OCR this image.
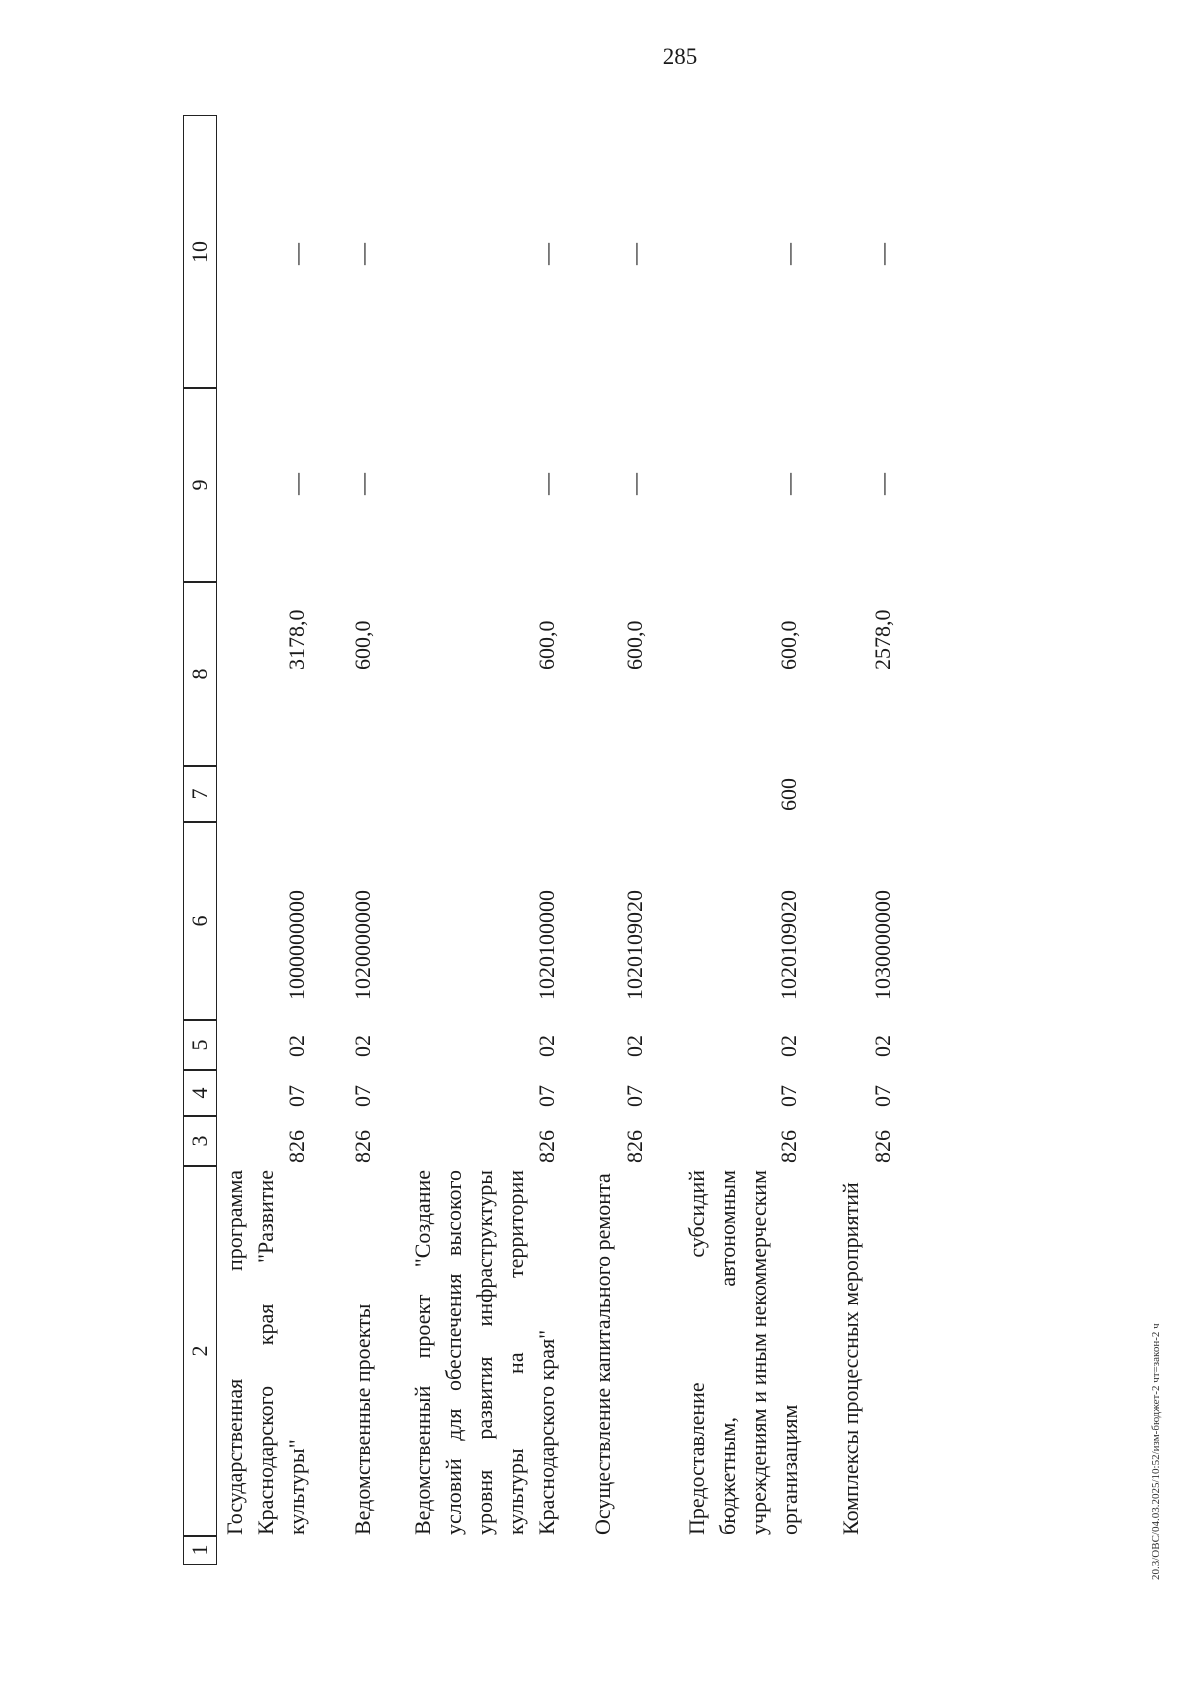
285
20.3/OBC/04.03.2025/10:52/изм-бюджет-2 чт=закон-2 ч
1
2
3
4
5
6
7
8
9
10
Государственная программа Краснодарского края "Развитие культуры"
826
07
02
1000000000
3178,0
—
—
Ведомственные проекты
826
07
02
1020000000
600,0
—
—
Ведомственный проект "Создание условий для обеспечения высокого уровня развития инфраструктуры культуры на территории Краснодарского края"
826
07
02
1020100000
600,0
—
—
Осуществление капитального ремонта
826
07
02
1020109020
600,0
—
—
Предоставление субсидий бюджетным, автономным учреждениям и иным некоммерческим организациям
826
07
02
1020109020
600
600,0
—
—
Комплексы процессных мероприятий
826
07
02
1030000000
2578,0
—
—
